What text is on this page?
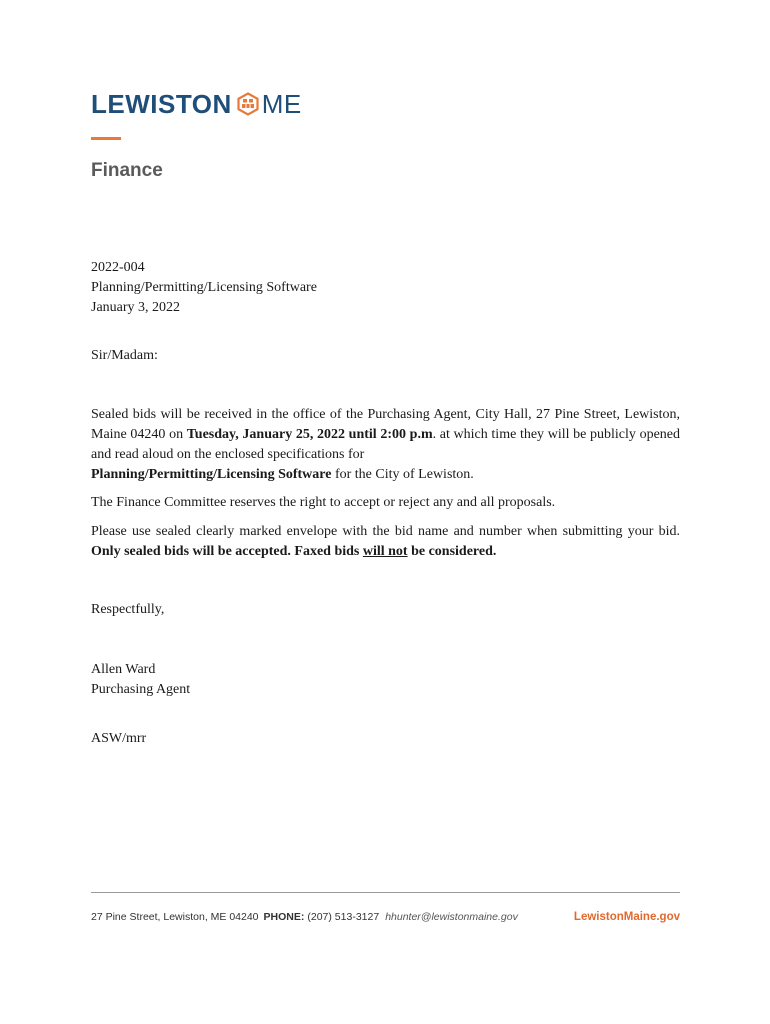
LEWISTON ME
Finance
2022-004
Planning/Permitting/Licensing Software
January 3, 2022
Sir/Madam:
Sealed bids will be received in the office of the Purchasing Agent, City Hall, 27 Pine Street, Lewiston, Maine 04240 on Tuesday, January 25, 2022 until 2:00 p.m. at which time they will be publicly opened and read aloud on the enclosed specifications for
Planning/Permitting/Licensing Software for the City of Lewiston.
The Finance Committee reserves the right to accept or reject any and all proposals.
Please use sealed clearly marked envelope with the bid name and number when submitting your bid. Only sealed bids will be accepted. Faxed bids will not be considered.
Respectfully,
Allen Ward
Purchasing Agent
ASW/mrr
27 Pine Street, Lewiston, ME 04240 PHONE: (207) 513-3127 hhunter@lewistonmaine.gov	LewistonMaine.gov
